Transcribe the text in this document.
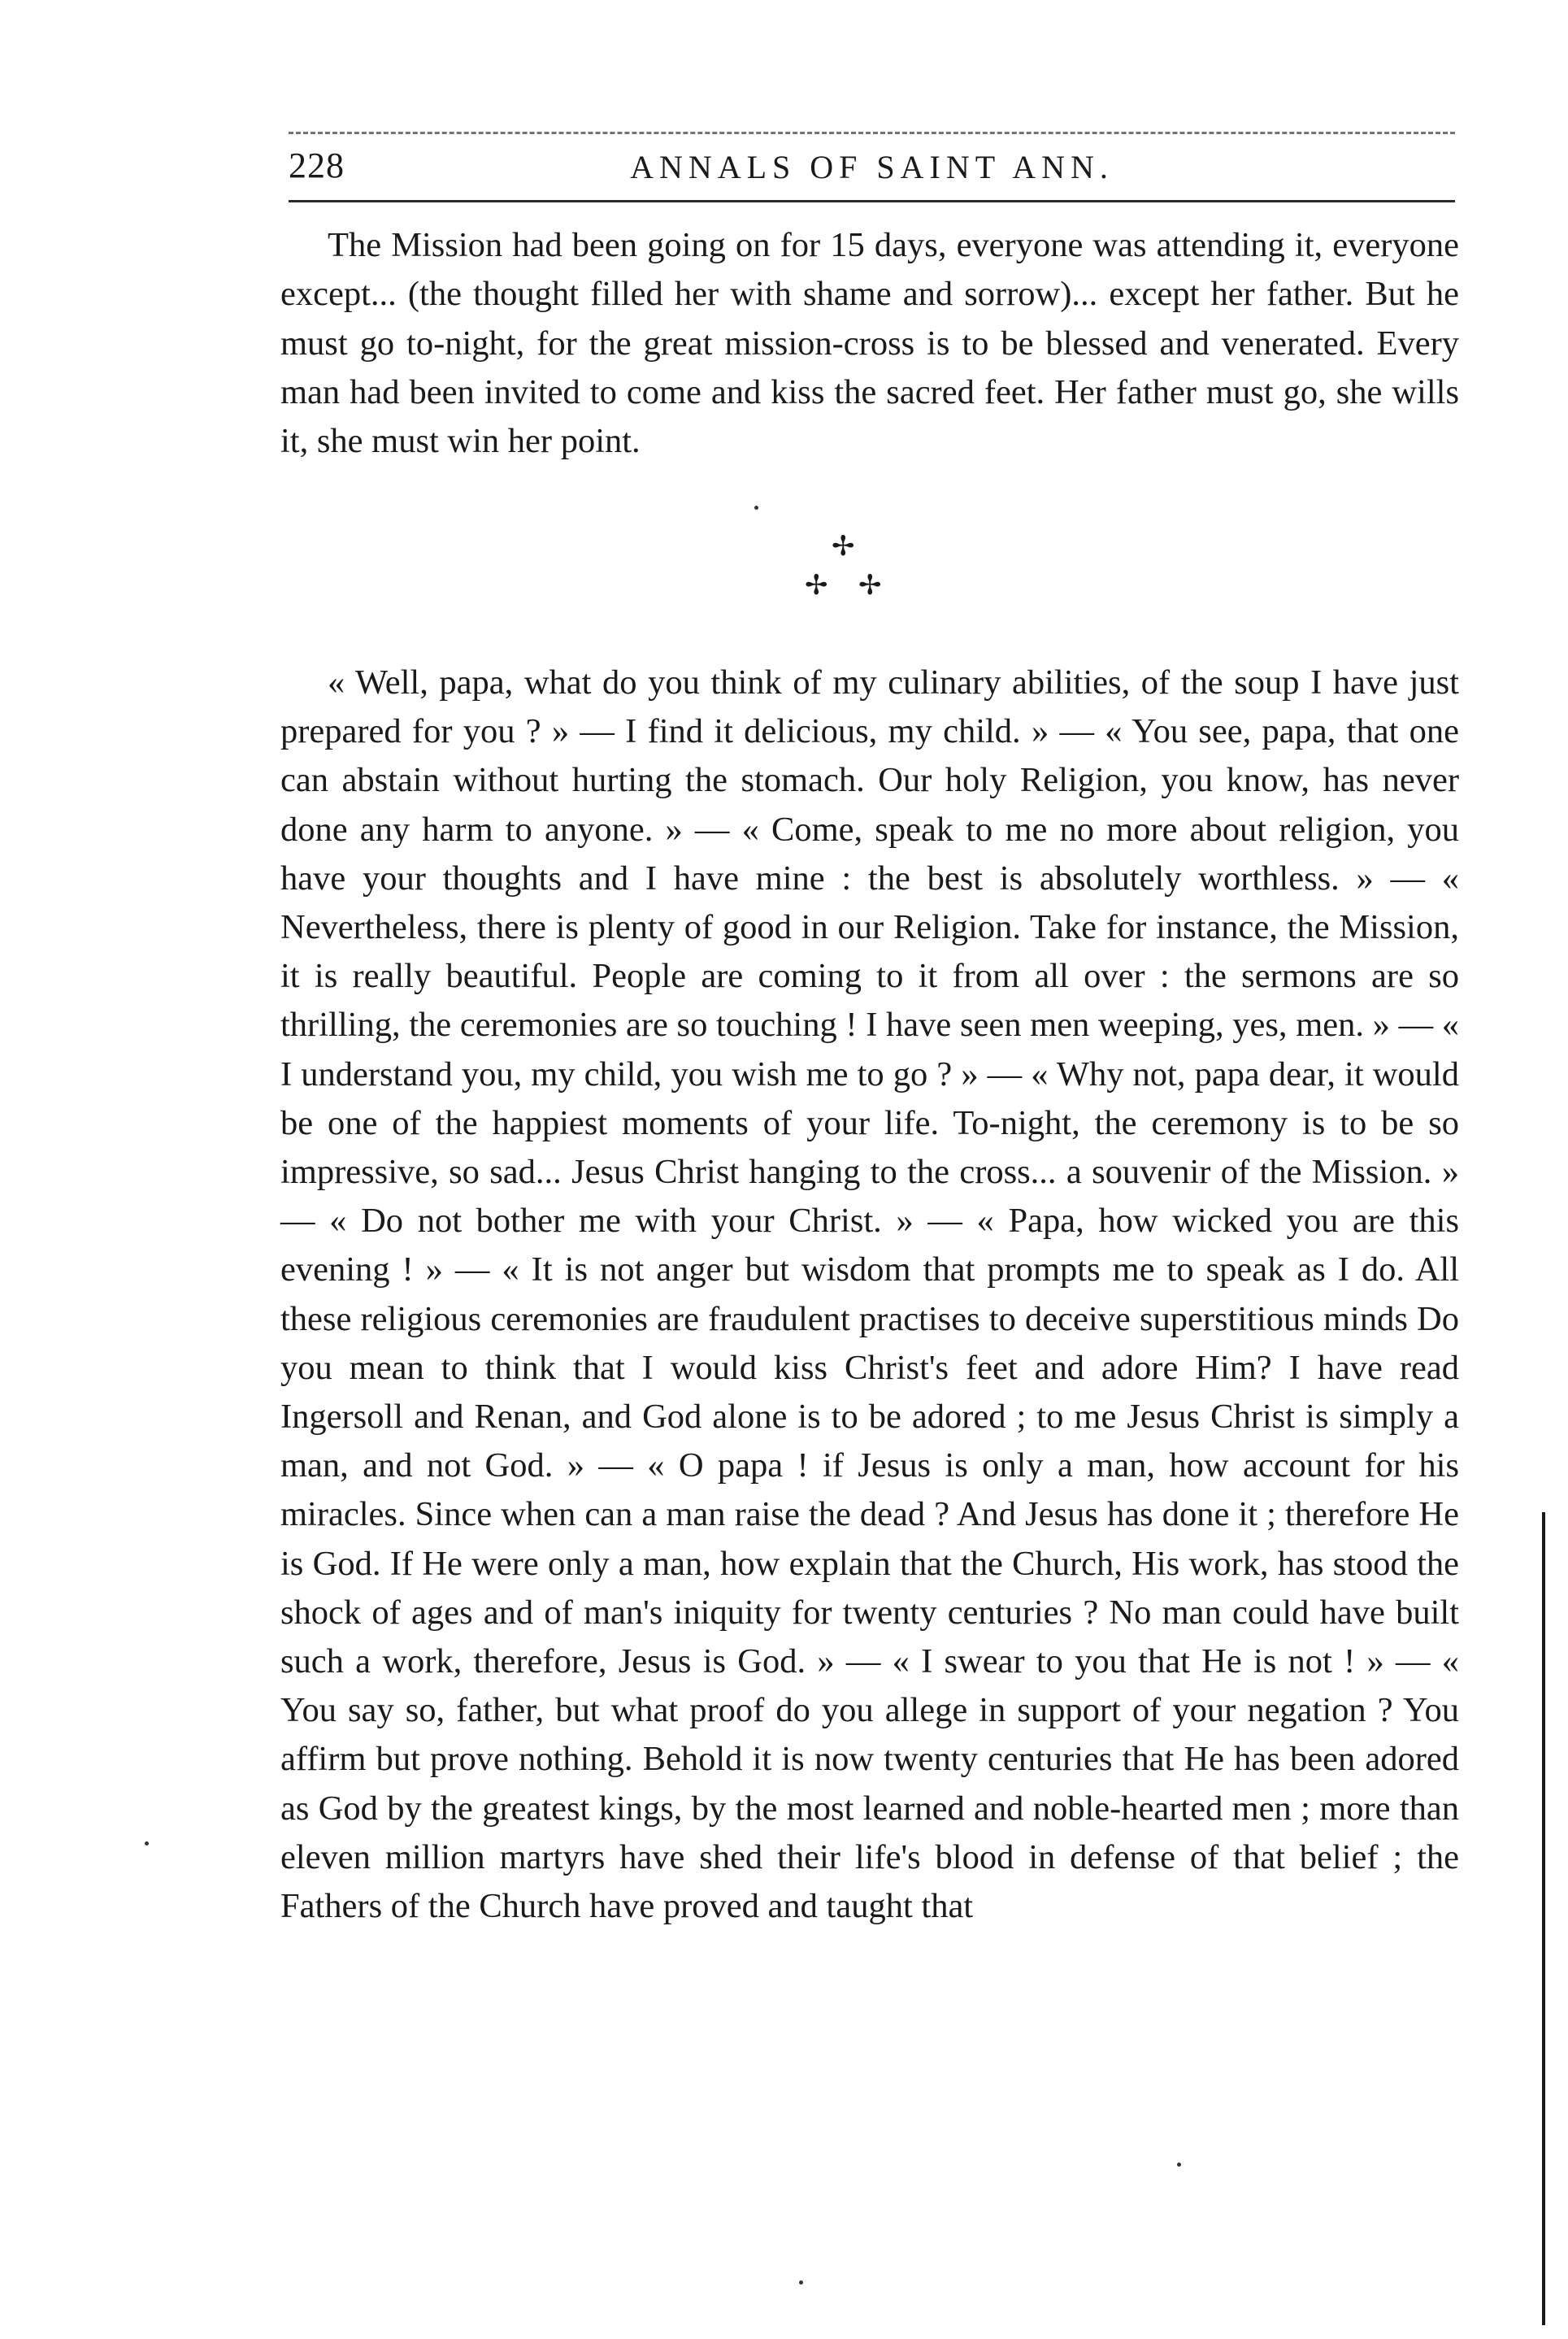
228	ANNALS OF SAINT ANN.

The Mission had been going on for 15 days, everyone was attending it, everyone except... (the thought filled her with shame and sorrow)... except her father. But he must go to-night, for the great mission-cross is to be blessed and venerated. Every man had been invited to come and kiss the sacred feet. Her father must go, she wills it, she must win her point.

✢
✢ ✢

« Well, papa, what do you think of my culinary abilities, of the soup I have just prepared for you ? » — I find it delicious, my child. » — « You see, papa, that one can abstain without hurting the stomach. Our holy Religion, you know, has never done any harm to anyone. » — « Come, speak to me no more about religion, you have your thoughts and I have mine : the best is absolutely worthless. » — « Nevertheless, there is plenty of good in our Religion. Take for instance, the Mission, it is really beautiful. People are coming to it from all over : the sermons are so thrilling, the ceremonies are so touching ! I have seen men weeping, yes, men. » — « I understand you, my child, you wish me to go ? » — « Why not, papa dear, it would be one of the happiest moments of your life. To-night, the ceremony is to be so impressive, so sad... Jesus Christ hanging to the cross... a souvenir of the Mission. » — « Do not bother me with your Christ. » — « Papa, how wicked you are this evening ! » — « It is not anger but wisdom that prompts me to speak as I do. All these religious ceremonies are fraudulent practises to deceive superstitious minds Do you mean to think that I would kiss Christ's feet and adore Him? I have read Ingersoll and Renan, and God alone is to be adored ; to me Jesus Christ is simply a man, and not God. » — « O papa ! if Jesus is only a man, how account for his miracles. Since when can a man raise the dead ? And Jesus has done it ; therefore He is God. If He were only a man, how explain that the Church, His work, has stood the shock of ages and of man's iniquity for twenty centuries ? No man could have built such a work, therefore, Jesus is God. » — « I swear to you that He is not ! » — « You say so, father, but what proof do you allege in support of your negation ? You affirm but prove nothing. Behold it is now twenty centuries that He has been adored as God by the greatest kings, by the most learned and noble-hearted men ; more than eleven million martyrs have shed their life's blood in defense of that belief ; the Fathers of the Church have proved and taught that
